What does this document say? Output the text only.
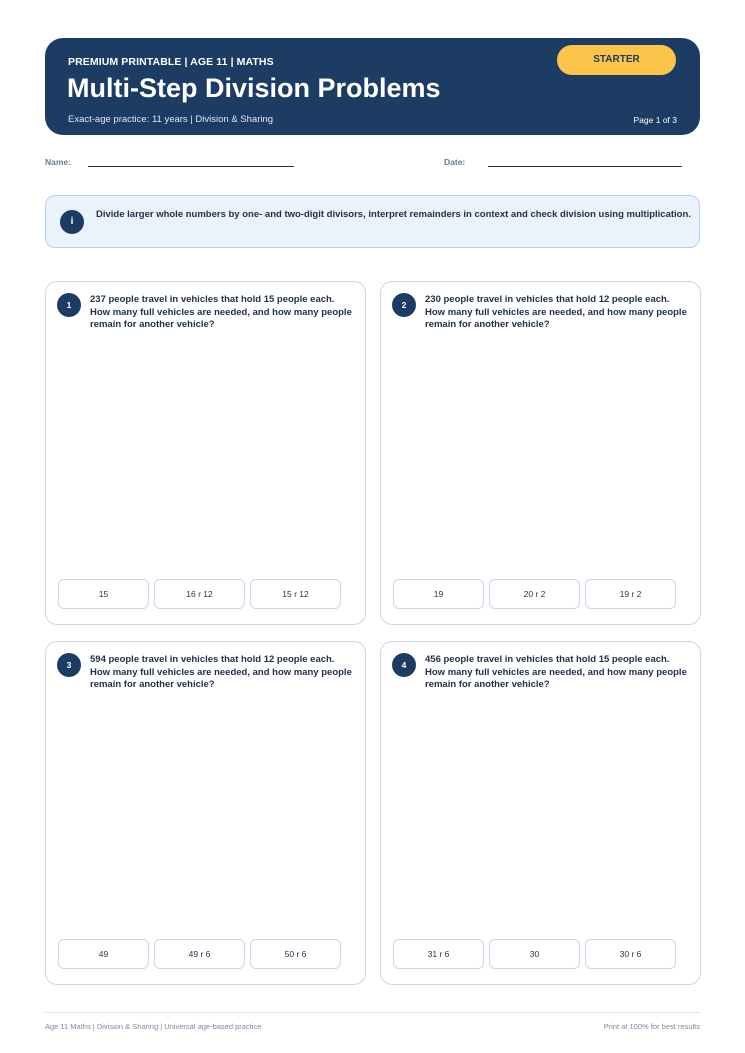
PREMIUM PRINTABLE | AGE 11 | MATHS
Multi-Step Division Problems
Exact-age practice: 11 years | Division & Sharing	Page 1 of 3
STARTER
Name:	Date:
i
Divide larger whole numbers by one- and two-digit divisors, interpret remainders in context and check division using multiplication.
1	237 people travel in vehicles that hold 15 people each. How many full vehicles are needed, and how many people remain for another vehicle?
15	16 r 12	15 r 12
2	230 people travel in vehicles that hold 12 people each. How many full vehicles are needed, and how many people remain for another vehicle?
19	20 r 2	19 r 2
3	594 people travel in vehicles that hold 12 people each. How many full vehicles are needed, and how many people remain for another vehicle?
49	49 r 6	50 r 6
4	456 people travel in vehicles that hold 15 people each. How many full vehicles are needed, and how many people remain for another vehicle?
31 r 6	30	30 r 6
Age 11 Maths | Division & Sharing | Universal age-based practice	Print at 100% for best results
